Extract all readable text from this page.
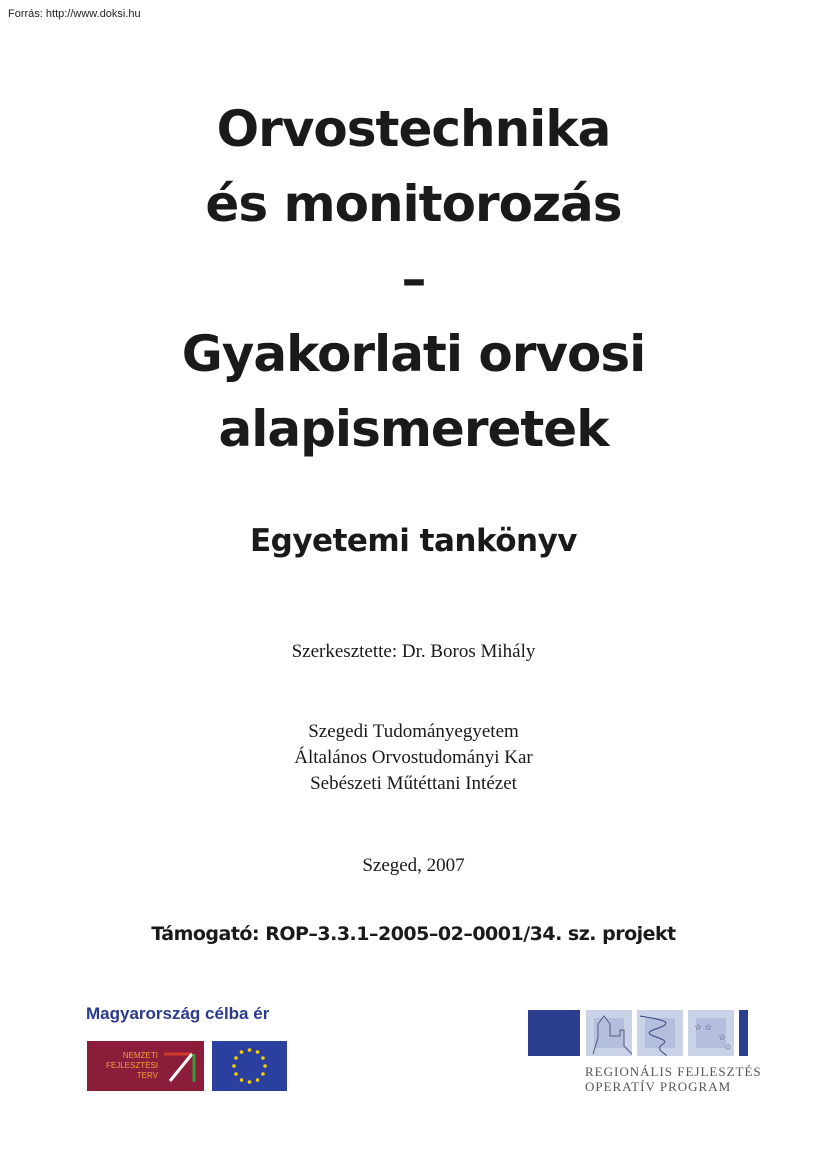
Forrás: http://www.doksi.hu
Orvostechnika
és monitorozás
–
Gyakorlati orvosi
alapismeretek
Egyetemi tankönyv
Szerkesztette: Dr. Boros Mihály
Szegedi Tudományegyetem
Általános Orvostudományi Kar
Sebészeti Műtéttani Intézet
Szeged, 2007
Támogató: ROP–3.3.1–2005–02–0001/34. sz. projekt
Magyarország célba ér
NEMZETI
FEJLESZTÉSI
TERV
☆ ☆
☆
☆
REGIONÁLIS FEJLESZTÉS
OPERATÍV PROGRAM
